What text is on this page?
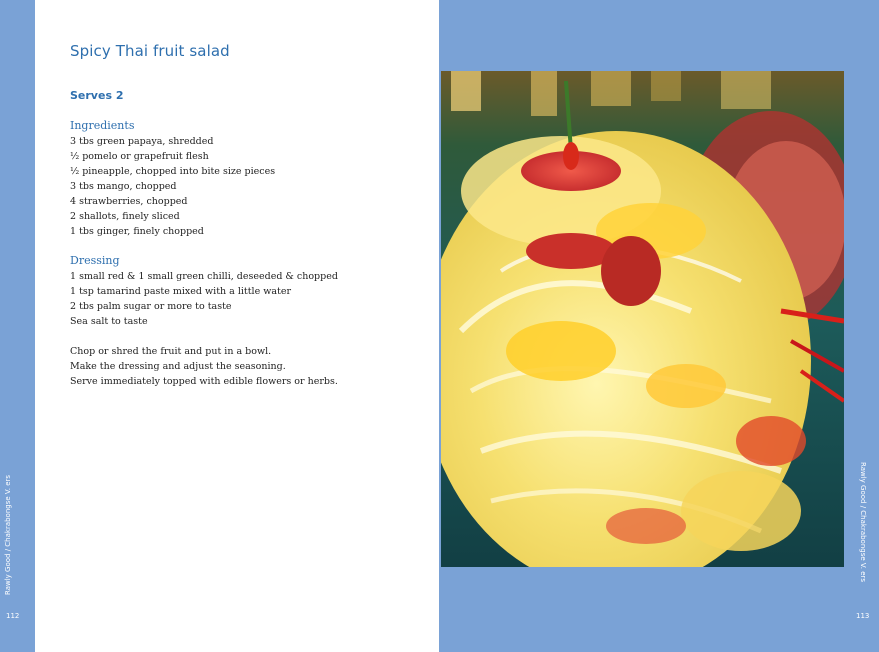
Spicy Thai fruit salad
Serves 2
Ingredients
3 tbs green papaya, shredded
½ pomelo or grapefruit flesh
½ pineapple, chopped into bite size pieces
3 tbs mango, chopped
4 strawberries, chopped
2 shallots, finely sliced
1 tbs ginger, finely chopped
Dressing
1 small red & 1 small green chilli, deseeded & chopped
1 tsp tamarind paste mixed with a little water
2 tbs palm sugar or more to taste
Sea salt to taste
Chop or shred the fruit and put in a bowl.
Make the dressing and adjust the seasoning.
Serve immediately topped with edible flowers or herbs.
Rawly Good / Chakrabongse V. ers	Rawly Good / Chakrabongse V. ers
112	113
